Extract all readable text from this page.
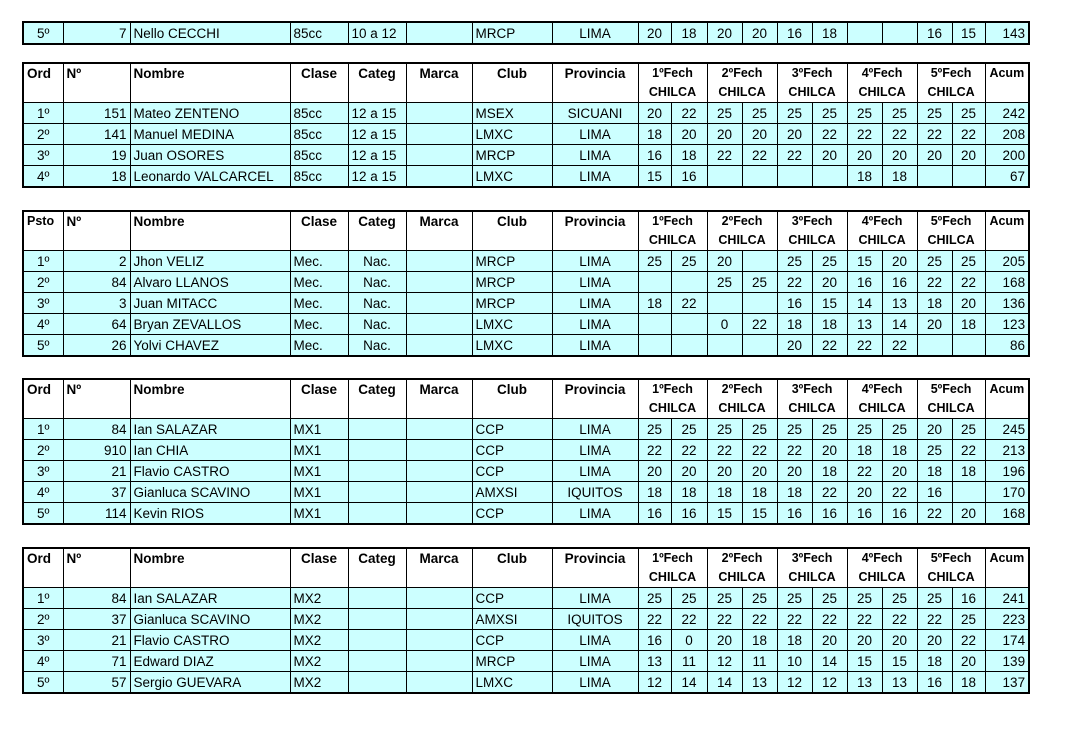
5º	7	Nello CECCHI	85cc	10 a 12		MRCP	LIMA	20	18	20	20	16	18			16	15	143
Ord	Nº	Nombre	Clase	Categ	Marca	Club	Provincia	1ºFech		2ºFech		3ºFech		4ºFech		5ºFech		Acum
								CHILCA		CHILCA		CHILCA		CHILCA		CHILCA		
1º	151	Mateo ZENTENO	85cc	12 a 15		MSEX	SICUANI	20	22	25	25	25	25	25	25	25	25	242
2º	141	Manuel MEDINA	85cc	12 a 15		LMXC	LIMA	18	20	20	20	20	22	22	22	22	22	208
3º	19	Juan OSORES	85cc	12 a 15		MRCP	LIMA	16	18	22	22	22	20	20	20	20	20	200
4º	18	Leonardo VALCARCEL	85cc	12 a 15		LMXC	LIMA	15	16					18	18			67
Psto	Nº	Nombre	Clase	Categ	Marca	Club	Provincia	1ºFech		2ºFech		3ºFech		4ºFech		5ºFech		Acum
								CHILCA		CHILCA		CHILCA		CHILCA		CHILCA		
1º	2	Jhon VELIZ	Mec.	Nac.		MRCP	LIMA	25	25	20		25	25	15	20	25	25	205
2º	84	Alvaro LLANOS	Mec.	Nac.		MRCP	LIMA			25	25	22	20	16	16	22	22	168
3º	3	Juan MITACC	Mec.	Nac.		MRCP	LIMA	18	22			16	15	14	13	18	20	136
4º	64	Bryan ZEVALLOS	Mec.	Nac.		LMXC	LIMA			0	22	18	18	13	14	20	18	123
5º	26	Yolvi CHAVEZ	Mec.	Nac.		LMXC	LIMA					20	22	22	22			86
Ord	Nº	Nombre	Clase	Categ	Marca	Club	Provincia	1ºFech		2ºFech		3ºFech		4ºFech		5ºFech		Acum
								CHILCA		CHILCA		CHILCA		CHILCA		CHILCA		
1º	84	Ian SALAZAR	MX1			CCP	LIMA	25	25	25	25	25	25	25	25	20	25	245
2º	910	Ian CHIA	MX1			CCP	LIMA	22	22	22	22	22	20	18	18	25	22	213
3º	21	Flavio CASTRO	MX1			CCP	LIMA	20	20	20	20	20	18	22	20	18	18	196
4º	37	Gianluca SCAVINO	MX1			AMXSI	IQUITOS	18	18	18	18	18	22	20	22	16		170
5º	114	Kevin RIOS	MX1			CCP	LIMA	16	16	15	15	16	16	16	16	22	20	168
Ord	Nº	Nombre	Clase	Categ	Marca	Club	Provincia	1ºFech		2ºFech		3ºFech		4ºFech		5ºFech		Acum
								CHILCA		CHILCA		CHILCA		CHILCA		CHILCA		
1º	84	Ian SALAZAR	MX2			CCP	LIMA	25	25	25	25	25	25	25	25	25	16	241
2º	37	Gianluca SCAVINO	MX2			AMXSI	IQUITOS	22	22	22	22	22	22	22	22	22	25	223
3º	21	Flavio CASTRO	MX2			CCP	LIMA	16	0	20	18	18	20	20	20	20	22	174
4º	71	Edward DIAZ	MX2			MRCP	LIMA	13	11	12	11	10	14	15	15	18	20	139
5º	57	Sergio GUEVARA	MX2			LMXC	LIMA	12	14	14	13	12	12	13	13	16	18	137
